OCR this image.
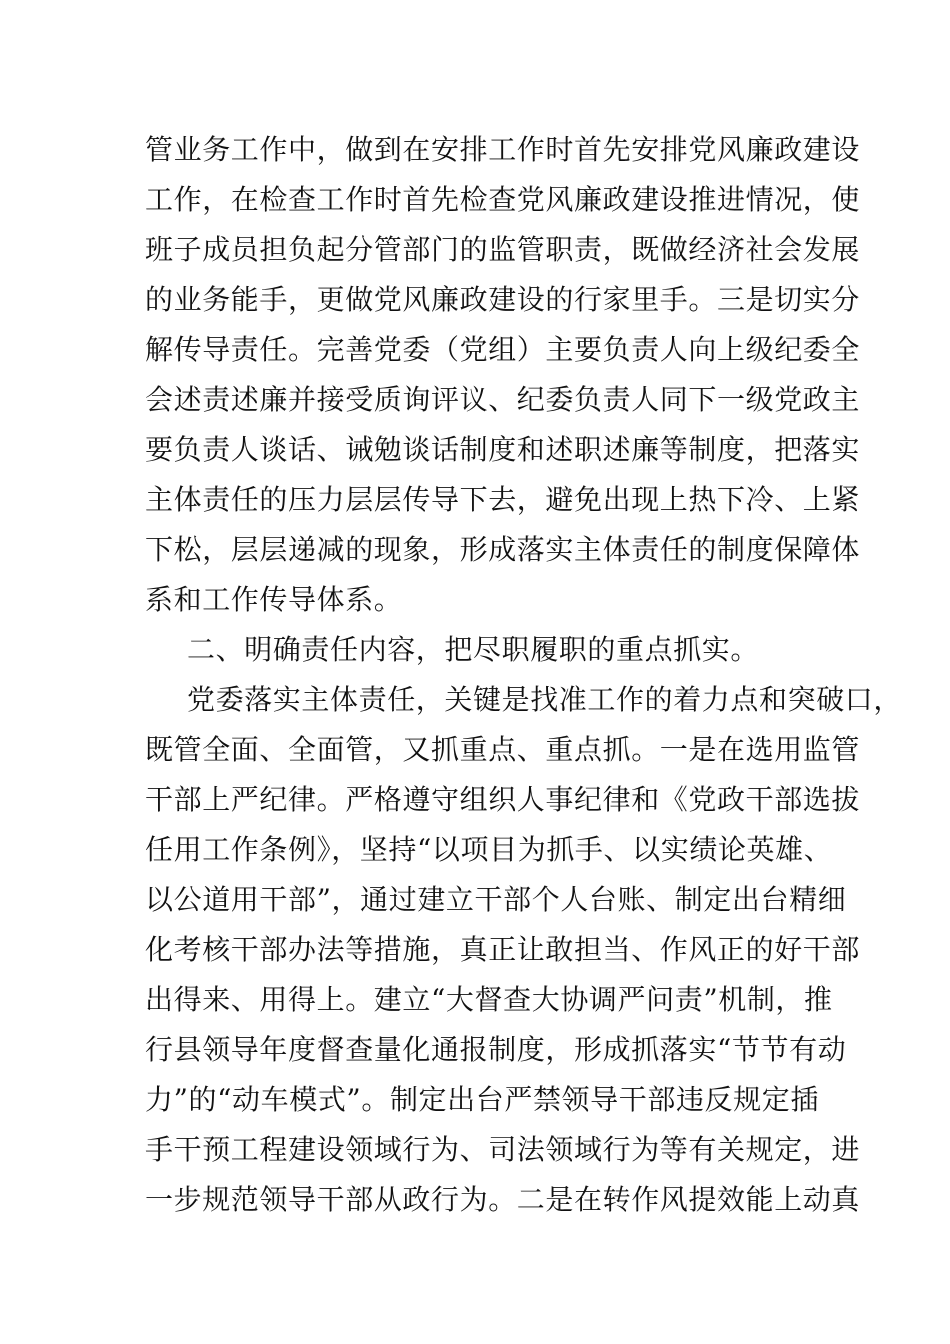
管业务工作中，做到在安排工作时首先安排党风廉政建设
工作，在检查工作时首先检查党风廉政建设推进情况，使
班子成员担负起分管部门的监管职责，既做经济社会发展
的业务能手，更做党风廉政建设的行家里手。三是切实分
解传导责任。完善党委（党组）主要负责人向上级纪委全
会述责述廉并接受质询评议、纪委负责人同下一级党政主
要负责人谈话、诫勉谈话制度和述职述廉等制度，把落实
主体责任的压力层层传导下去，避免出现上热下冷、上紧
下松，层层递减的现象，形成落实主体责任的制度保障体
系和工作传导体系。
二、明确责任内容，把尽职履职的重点抓实。
党委落实主体责任，关键是找准工作的着力点和突破口，
既管全面、全面管，又抓重点、重点抓。一是在选用监管
干部上严纪律。严格遵守组织人事纪律和《党政干部选拔
任用工作条例》，坚持“以项目为抓手、以实绩论英雄、
以公道用干部”，通过建立干部个人台账、制定出台精细
化考核干部办法等措施，真正让敢担当、作风正的好干部
出得来、用得上。建立“大督查大协调严问责”机制，推
行县领导年度督查量化通报制度，形成抓落实“节节有动
力”的“动车模式”。制定出台严禁领导干部违反规定插
手干预工程建设领域行为、司法领域行为等有关规定，进
一步规范领导干部从政行为。二是在转作风提效能上动真
